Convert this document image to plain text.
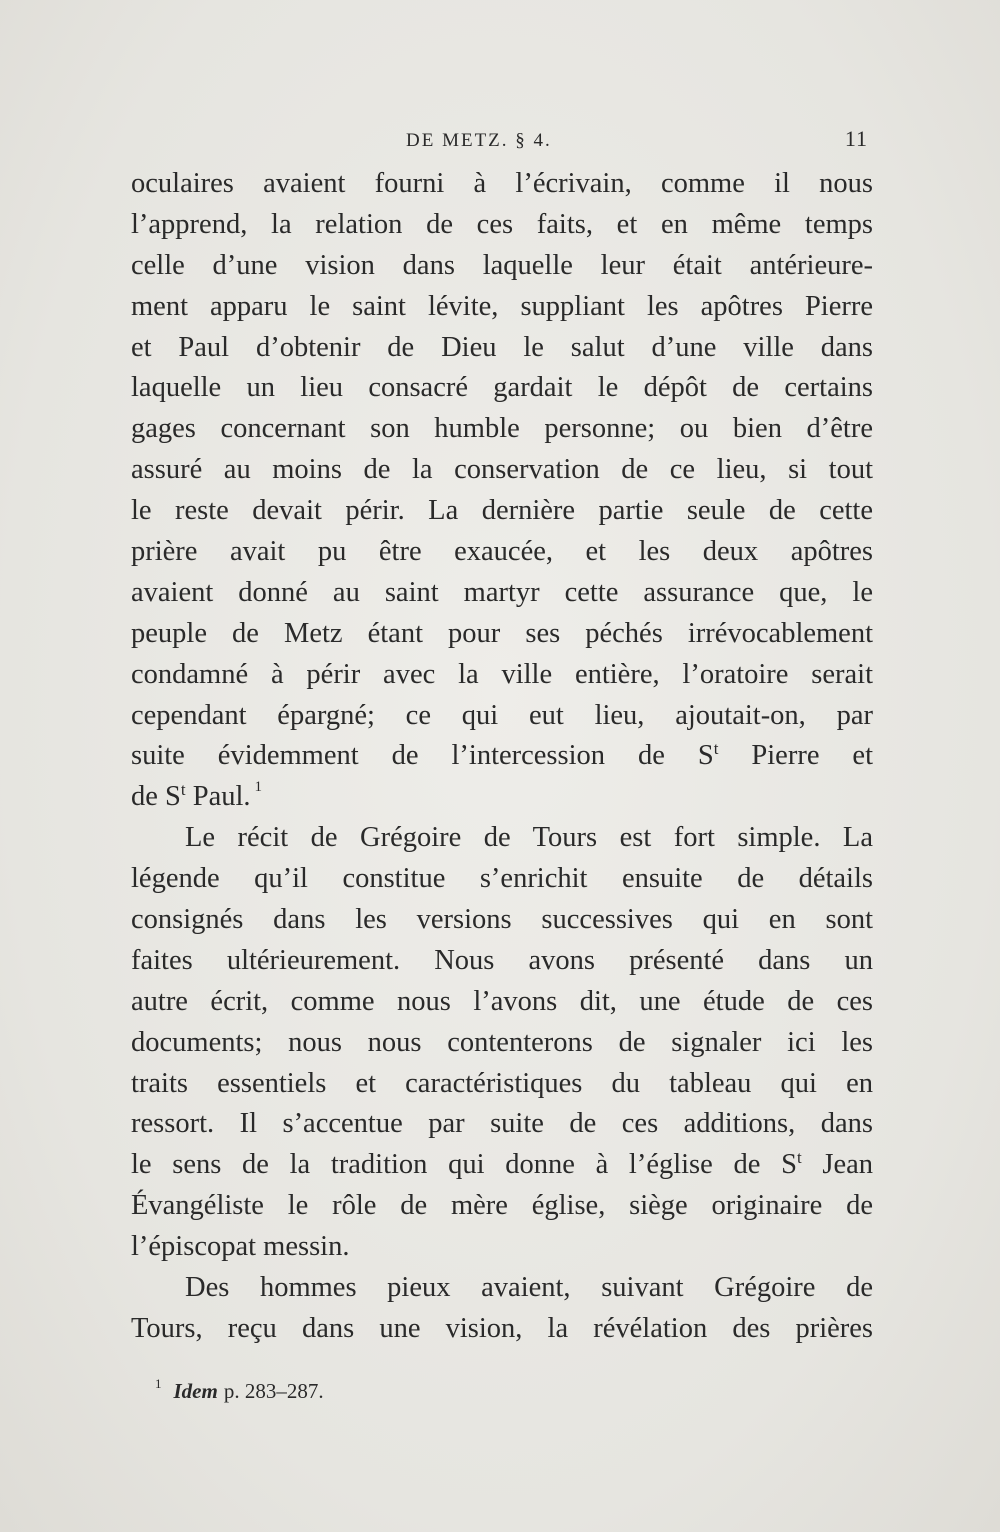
DE METZ. § 4.	11
oculaires avaient fourni à l’écrivain, comme il nous
l’apprend, la relation de ces faits, et en même temps
celle d’une vision dans laquelle leur était antérieure-
ment apparu le saint lévite, suppliant les apôtres Pierre
et Paul d’obtenir de Dieu le salut d’une ville dans
laquelle un lieu consacré gardait le dépôt de certains
gages concernant son humble personne; ou bien d’être
assuré au moins de la conservation de ce lieu, si tout
le reste devait périr. La dernière partie seule de cette
prière avait pu être exaucée, et les deux apôtres
avaient donné au saint martyr cette assurance que, le
peuple de Metz étant pour ses péchés irrévocablement
condamné à périr avec la ville entière, l’oratoire serait
cependant épargné; ce qui eut lieu, ajoutait-on, par
suite évidemment de l’intercession de $S^t$ Pierre et
de $S^t$ Paul. $^1$
Le récit de Grégoire de Tours est fort simple. La
légende qu’il constitue s’enrichit ensuite de détails
consignés dans les versions successives qui en sont
faites ultérieurement. Nous avons présenté dans un
autre écrit, comme nous l’avons dit, une étude de ces
documents; nous nous contenterons de signaler ici les
traits essentiels et caractéristiques du tableau qui en
ressort. Il s’accentue par suite de ces additions, dans
le sens de la tradition qui donne à l’église de $S^t$ Jean
Évangéliste le rôle de mère église, siège originaire de
l’épiscopat messin.
Des hommes pieux avaient, suivant Grégoire de
Tours, reçu dans une vision, la révélation des prières
$^1$ Idem p. 283–287.
